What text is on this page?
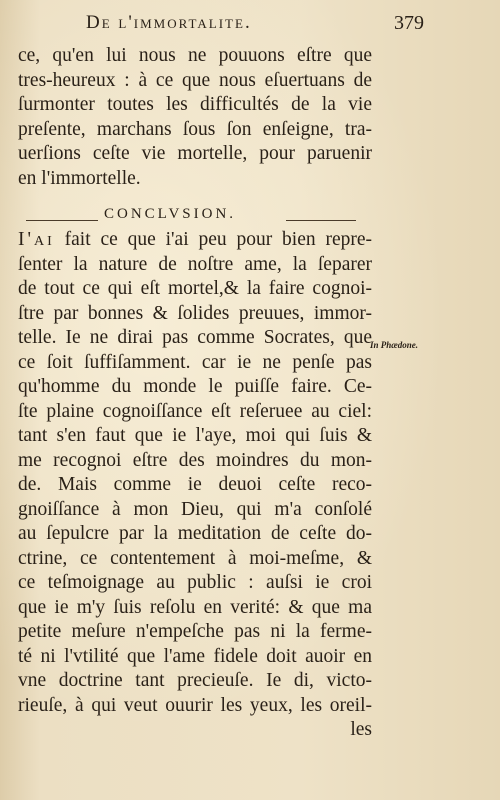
De l'immortalite.	379
ce, qu'en lui nous ne pouuons eſtre que
tres-heureux : à ce que nous eſuertuans de
ſurmonter toutes les difficultés de la vie
preſente, marchans ſous ſon enſeigne, tra-
uerſions ceſte vie mortelle, pour paruenir
en l'immortelle.
CONCLVSION.
In Phædone.
I'ai fait ce que i'ai peu pour bien repre-
ſenter la nature de noſtre ame, la ſeparer
de tout ce qui eſt mortel,& la faire cognoi-
ſtre par bonnes & ſolides preuues, immor-
telle. Ie ne dirai pas comme Socrates, que
ce ſoit ſuffiſamment. car ie ne penſe pas
qu'homme du monde le puiſſe faire. Ce-
ſte plaine cognoiſſance eſt reſeruee au ciel:
tant s'en faut que ie l'aye, moi qui ſuis &
me recognoi eſtre des moindres du mon-
de. Mais comme ie deuoi ceſte reco-
gnoiſſance à mon Dieu, qui m'a conſolé
au ſepulcre par la meditation de ceſte do-
ctrine, ce contentement à moi-meſme, &
ce teſmoignage au public : auſsi ie croi
que ie m'y ſuis reſolu en verité: & que ma
petite meſure n'empeſche pas ni la ferme-
té ni l'vtilité que l'ame fidele doit auoir en
vne doctrine tant precieuſe. Ie di, victo-
rieuſe, à qui veut ouurir les yeux, les oreil-
les
